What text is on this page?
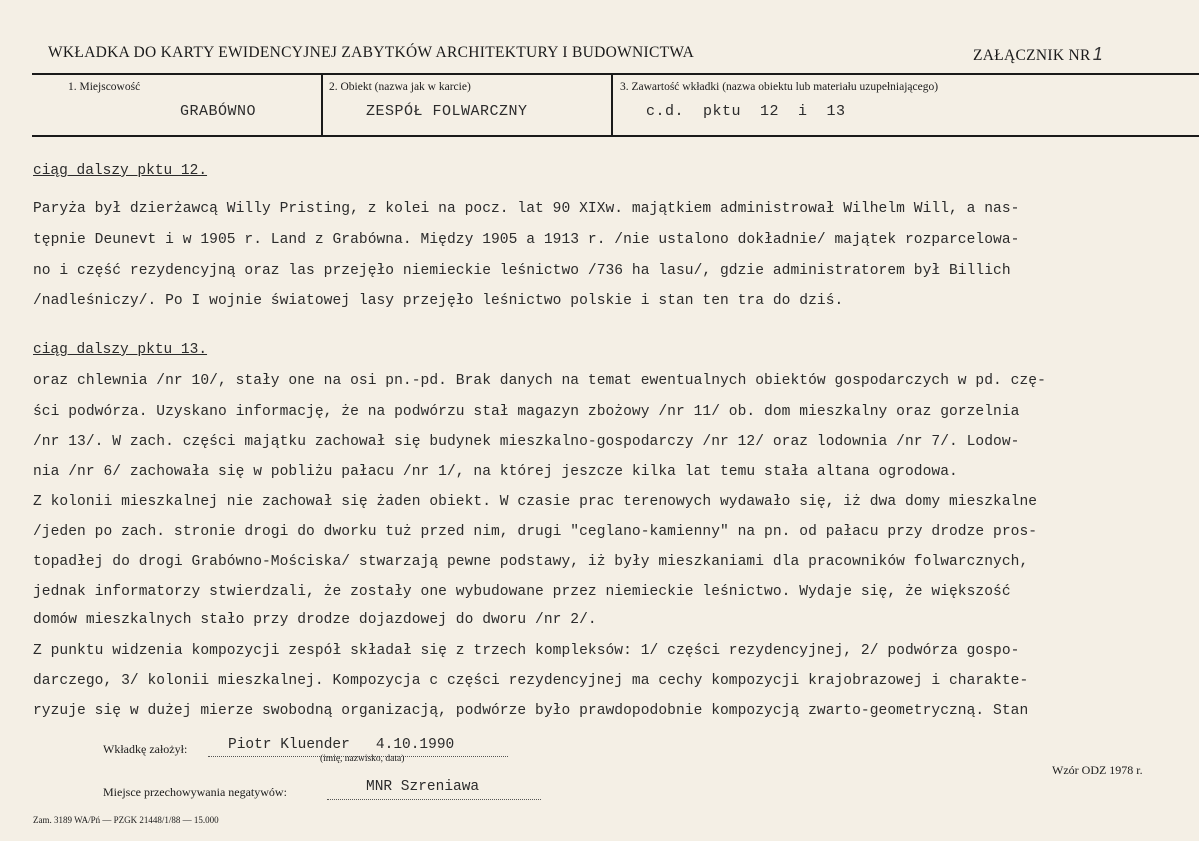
WKŁADKA DO KARTY EWIDENCYJNEJ ZABYTKÓW ARCHITEKTURY I BUDOWNICTWA	ZAŁĄCZNIK NR 1
1. Miejscowość
GRABÓWNO
2. Obiekt (nazwa jak w karcie)
ZESPÓŁ FOLWARCZNY
3. Zawartość wkładki (nazwa obiektu lub materiału uzupełniającego)
c.d.  pktu  12  i  13
ciąg dalszy pktu 12.
Paryża był dzierżawcą Willy Pristing, z kolei na pocz. lat 90 XIXw. majątkiem administrował Wilhelm Will, a nas-
tępnie Deunevt i w 1905 r. Land z Grabówna. Między 1905 a 1913 r. /nie ustalono dokładnie/ majątek rozparcelowa-
no i część rezydencyjną oraz las przejęło niemieckie leśnictwo /736 ha lasu/, gdzie administratorem był Billich
/nadleśniczy/. Po I wojnie światowej lasy przejęło leśnictwo polskie i stan ten tra do dziś.
ciąg dalszy pktu 13.
oraz chlewnia /nr 10/, stały one na osi pn.-pd. Brak danych na temat ewentualnych obiektów gospodarczych w pd. czę-
ści podwórza. Uzyskano informację, że na podwórzu stał magazyn zbożowy /nr 11/ ob. dom mieszkalny oraz gorzelnia
/nr 13/. W zach. części majątku zachował się budynek mieszkalno-gospodarczy /nr 12/ oraz lodownia /nr 7/. Lodow-
nia /nr 6/ zachowała się w pobliżu pałacu /nr 1/, na której jeszcze kilka lat temu stała altana ogrodowa.
Z kolonii mieszkalnej nie zachował się żaden obiekt. W czasie prac terenowych wydawało się, iż dwa domy mieszkalne
/jeden po zach. stronie drogi do dworku tuż przed nim, drugi "ceglano-kamienny" na pn. od pałacu przy drodze pros-
topadłej do drogi Grabówno-Mościska/ stwarzają pewne podstawy, iż były mieszkaniami dla pracowników folwarcznych,
jednak informatorzy stwierdzali, że zostały one wybudowane przez niemieckie leśnictwo. Wydaje się, że większość
domów mieszkalnych stało przy drodze dojazdowej do dworu /nr 2/.
Z punktu widzenia kompozycji zespół składał się z trzech kompleksów: 1/ części rezydencyjnej, 2/ podwórza gospo-
darczego, 3/ kolonii mieszkalnej. Kompozycja c części rezydencyjnej ma cechy kompozycji krajobrazowej i charakte-
ryzuje się w dużej mierze swobodną organizacją, podwórze było prawdopodobnie kompozycją zwarto-geometryczną. Stan
Wkładkę założył:	Piotr Kluender   4.10.1990
(imię, nazwisko, data)
Wzór ODZ 1978 r.
Miejsce przechowywania negatywów:	MNR Szreniawa
Zam. 3189 WA/Pń — PZGK 21448/1/88 — 15.000
